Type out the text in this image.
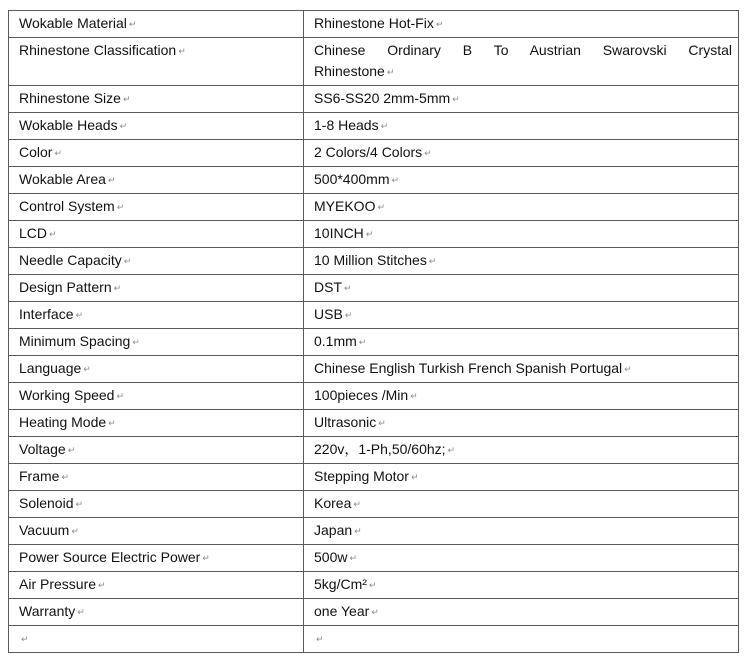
Wokable Material ↵	Rhinestone Hot-Fix ↵
Rhinestone Classification ↵	Chinese Ordinary B To Austrian Swarovski Crystal Rhinestone ↵
Rhinestone Size ↵	SS6-SS20 2mm-5mm ↵
Wokable Heads ↵	1-8 Heads ↵
Color ↵	2 Colors/4 Colors ↵
Wokable Area ↵	500*400mm ↵
Control System ↵	MYEKOO ↵
LCD ↵	10INCH ↵
Needle Capacity ↵	10 Million Stitches ↵
Design Pattern ↵	DST ↵
Interface ↵	USB ↵
Minimum Spacing ↵	0.1mm ↵
Language ↵	Chinese English Turkish French Spanish Portugal ↵
Working Speed ↵	100pieces /Min ↵
Heating Mode ↵	Ultrasonic ↵
Voltage ↵	220v，1-Ph,50/60hz; ↵
Frame ↵	Stepping Motor ↵
Solenoid ↵	Korea ↵
Vacuum ↵	Japan ↵
Power Source Electric Power ↵	500w ↵
Air Pressure ↵	5kg/Cm² ↵
Warranty ↵	one Year ↵
↵	↵
